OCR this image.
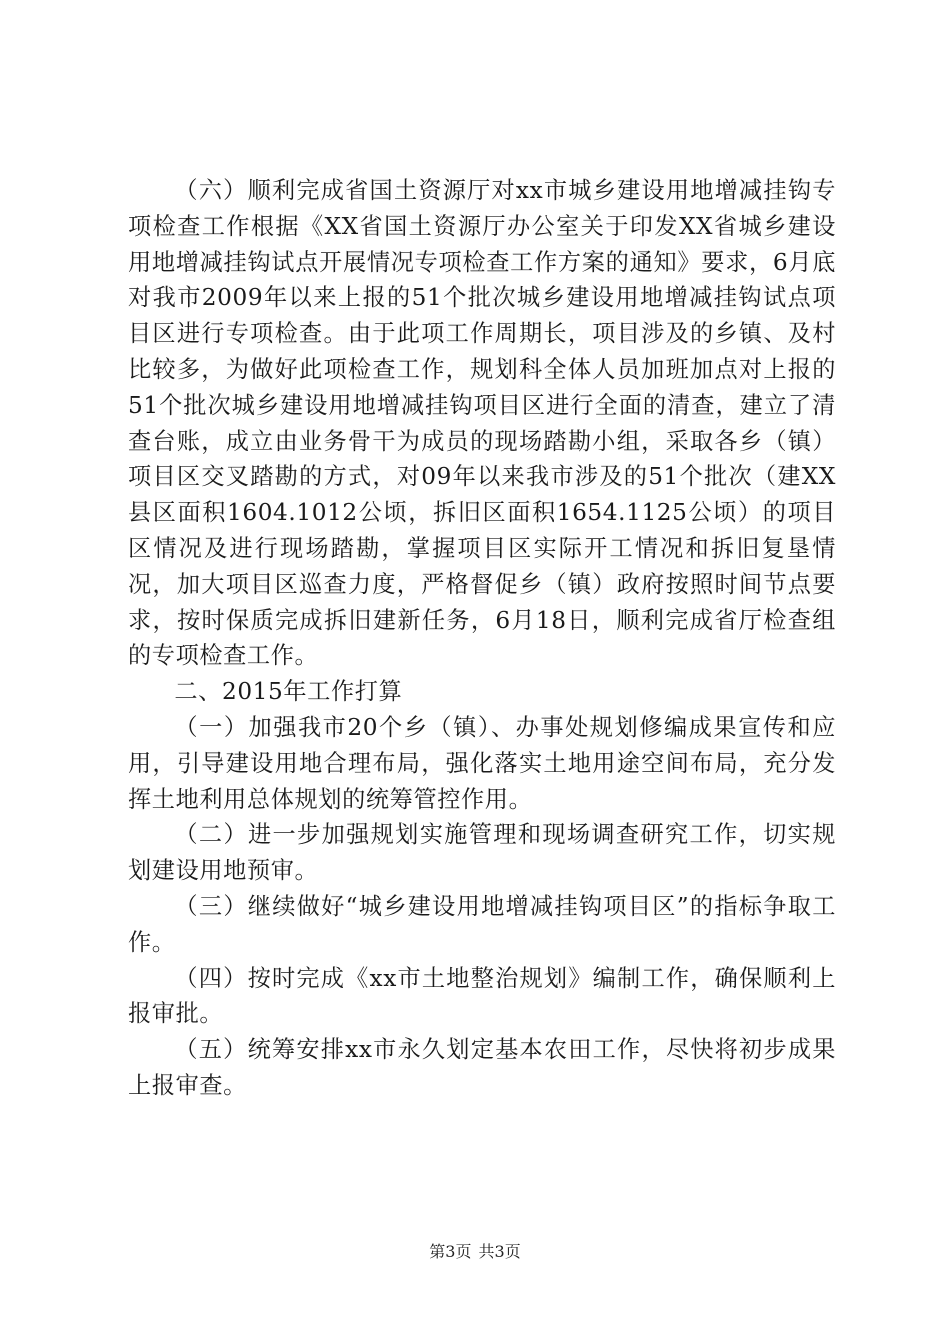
（六）顺利完成省国土资源厅对xx市城乡建设用地增减挂钩专项检查工作根据《XX省国土资源厅办公室关于印发XX省城乡建设用地增减挂钩试点开展情况专项检查工作方案的通知》要求，6月底对我市2009年以来上报的51个批次城乡建设用地增减挂钩试点项目区进行专项检查。由于此项工作周期长，项目涉及的乡镇、及村比较多，为做好此项检查工作，规划科全体人员加班加点对上报的51个批次城乡建设用地增减挂钩项目区进行全面的清查，建立了清查台账，成立由业务骨干为成员的现场踏勘小组，采取各乡（镇）项目区交叉踏勘的方式，对09年以来我市涉及的51个批次（建XX县区面积1604.1012公顷，拆旧区面积1654.1125公顷）的项目区情况及进行现场踏勘，掌握项目区实际开工情况和拆旧复垦情况，加大项目区巡查力度，严格督促乡（镇）政府按照时间节点要求，按时保质完成拆旧建新任务，6月18日，顺利完成省厅检查组的专项检查工作。

二、2015年工作打算

（一）加强我市20个乡（镇）、办事处规划修编成果宣传和应用，引导建设用地合理布局，强化落实土地用途空间布局，充分发挥土地利用总体规划的统筹管控作用。

（二）进一步加强规划实施管理和现场调查研究工作，切实规划建设用地预审。

（三）继续做好“城乡建设用地增减挂钩项目区”的指标争取工作。

（四）按时完成《xx市土地整治规划》编制工作，确保顺利上报审批。

（五）统筹安排xx市永久划定基本农田工作，尽快将初步成果上报审查。

第3页 共3页
